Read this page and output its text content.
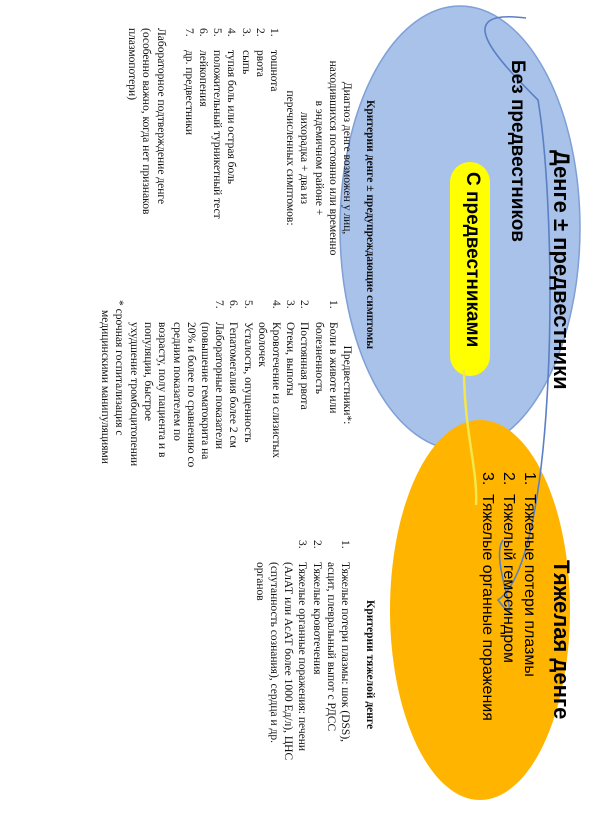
Денге ± предвестники
Без предвестников
С предвестниками
Тяжелая денге
1.
Тяжелые потери плазмы
2.
Тяжелый гемосиндром
3.
Тяжелые органные поражения
Критерии денге ± предупреждающие симптомы
Диагноз денге возможен у лиц,
находившихся постоянно или временно
в эндемичном районе +
лихорадка + два из
перечисленных симптомов:
1.
тошнота
2.
рвота
3.
сыпь
4.
тупая боль или острая боль
5.
положительный турникетный тест
6.
лейкопения
7.
др. предвестники
Лабораторное подтверждение денге
(особенно важно, когда нет признаков
плазмопотери)
Предвестники*:
1.
Боли в животе или
болезненность
2.
Постоянная рвота
3.
Отеки, выпоты
4.
Кровотечение из слизистых
оболочек
5.
Усталость, опущенность
6.
Гепатомегалия более 2 см
7.
Лабораторные показатели
(повышение гематокрита на
20% и более по сравнению со
средним показателем по
возрасту, полу пациента и в
популяции, быстрое
ухудшение тромбоцитопении
* срочная госпитализация с
медицинскими манипуляциями
Критерии тяжелой денге
1.
Тяжелые потери плазмы: шок (DSS),
асцит, плевральный выпот с РДСС
2.
Тяжелые кровотечения
3.
Тяжелые органные поражения: печени
(АлАТ или АсАТ более 1000 Ед/л), ЦНС
(спутанность сознания), сердца и др.
органов
